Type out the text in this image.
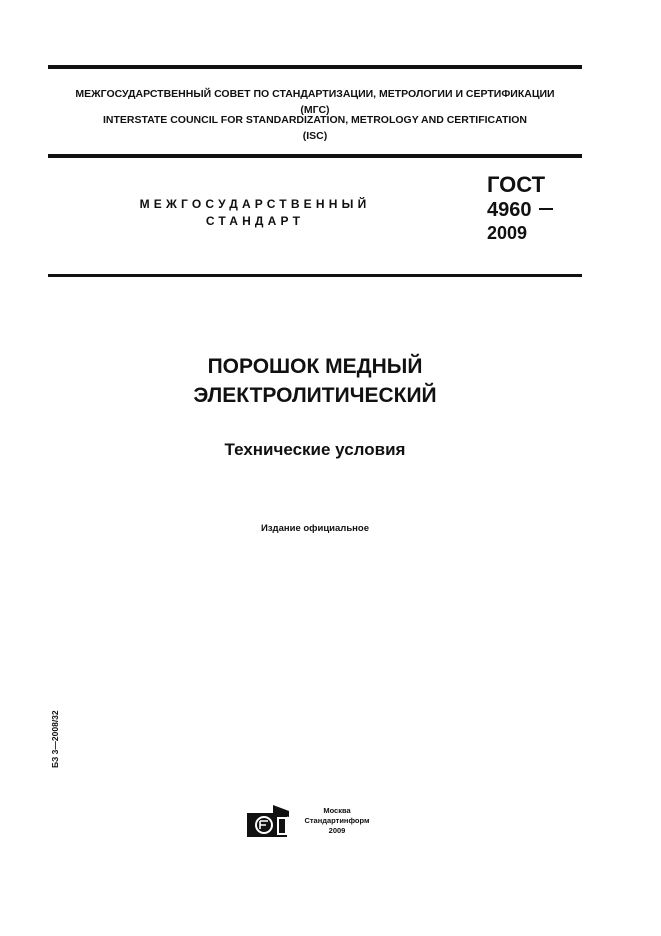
МЕЖГОСУДАРСТВЕННЫЙ СОВЕТ ПО СТАНДАРТИЗАЦИИ, МЕТРОЛОГИИ И СЕРТИФИКАЦИИ
(МГС)
INTERSTATE COUNCIL FOR STANDARDIZATION, METROLOGY AND CERTIFICATION
(ISC)
МЕЖГОСУДАРСТВЕННЫЙ
СТАНДАРТ
ГОСТ
4960
2009
ПОРОШОК МЕДНЫЙ
ЭЛЕКТРОЛИТИЧЕСКИЙ
Технические условия
Издание официальное
БЗ 3—2008/32
Москва
Стандартинформ
2009
